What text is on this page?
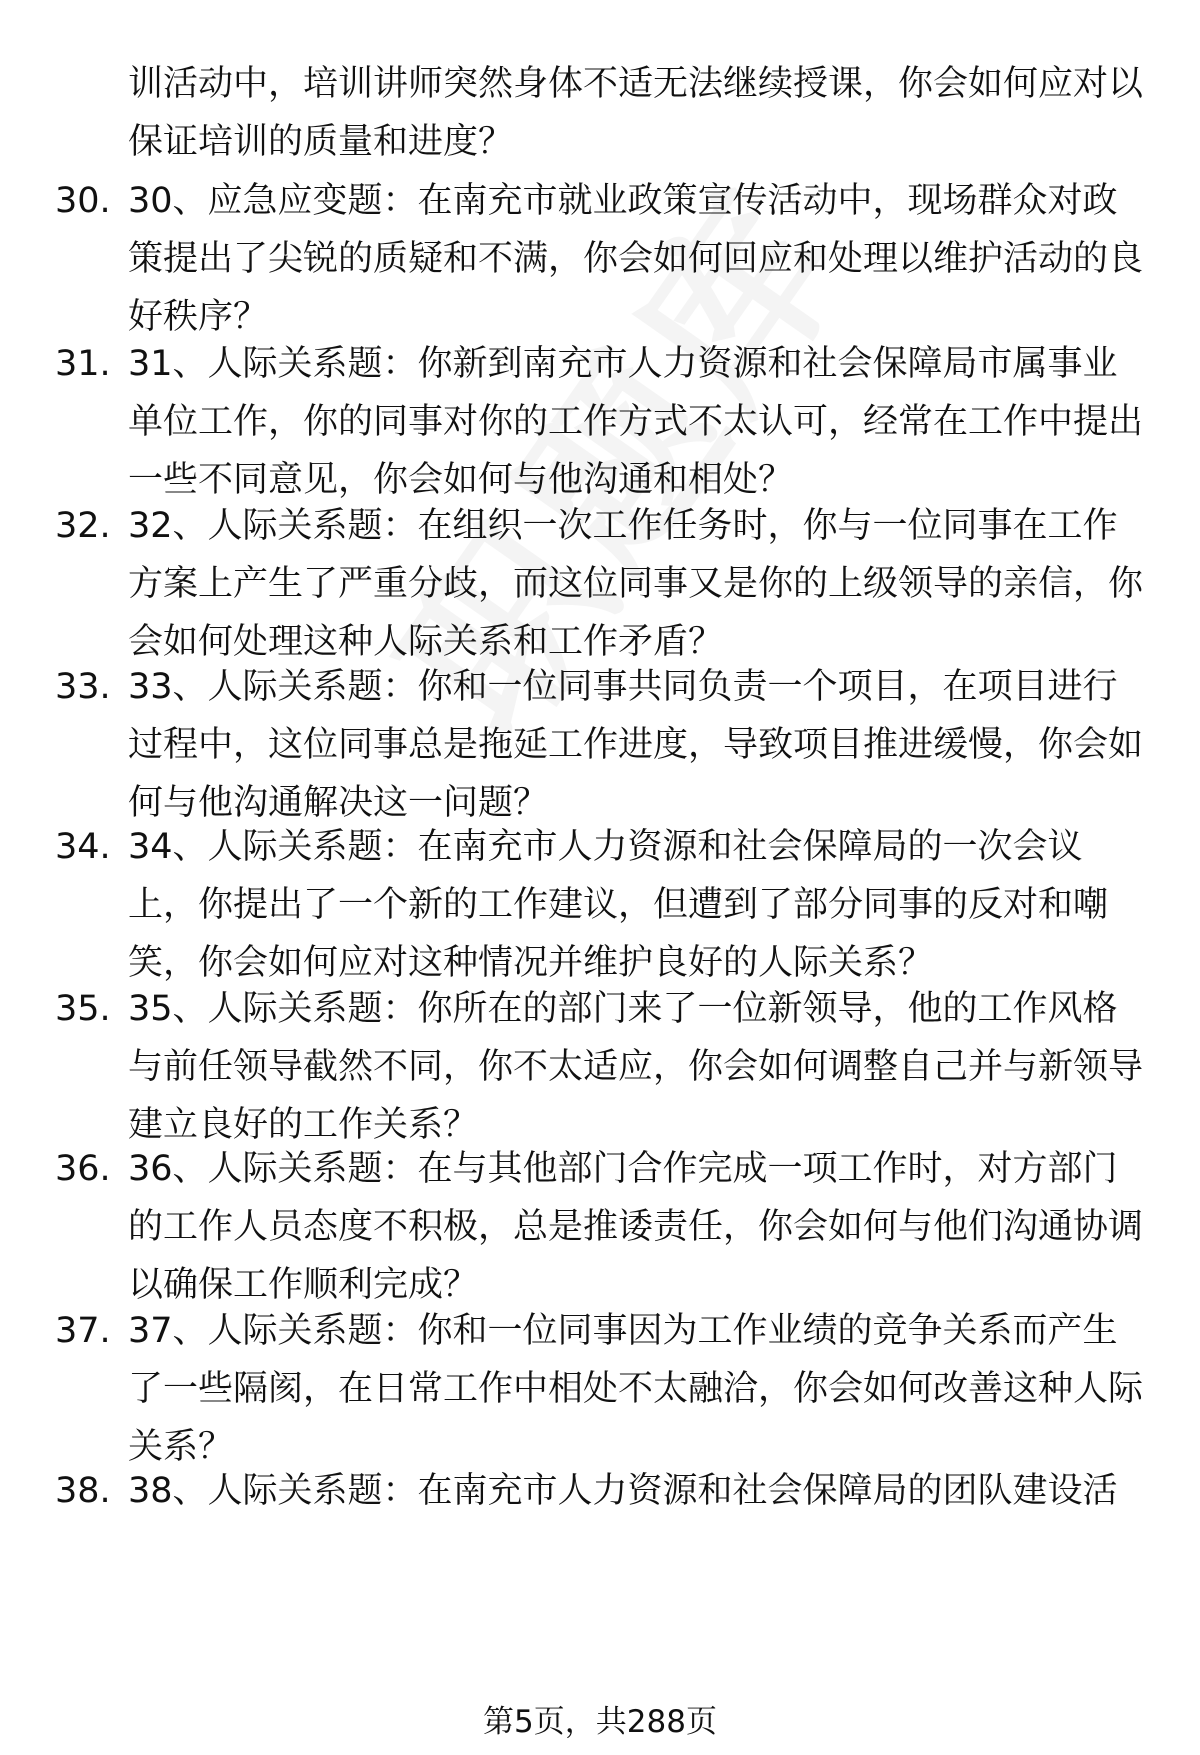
训活动中，培训讲师突然身体不适无法继续授课，你会如何应对以保证培训的质量和进度？
30. 30、应急应变题：在南充市就业政策宣传活动中，现场群众对政策提出了尖锐的质疑和不满，你会如何回应和处理以维护活动的良好秩序？
31. 31、人际关系题：你新到南充市人力资源和社会保障局市属事业单位工作，你的同事对你的工作方式不太认可，经常在工作中提出一些不同意见，你会如何与他沟通和相处？
32. 32、人际关系题：在组织一次工作任务时，你与一位同事在工作方案上产生了严重分歧，而这位同事又是你的上级领导的亲信，你会如何处理这种人际关系和工作矛盾？
33. 33、人际关系题：你和一位同事共同负责一个项目，在项目进行过程中，这位同事总是拖延工作进度，导致项目推进缓慢，你会如何与他沟通解决这一问题？
34. 34、人际关系题：在南充市人力资源和社会保障局的一次会议上，你提出了一个新的工作建议，但遭到了部分同事的反对和嘲笑，你会如何应对这种情况并维护良好的人际关系？
35. 35、人际关系题：你所在的部门来了一位新领导，他的工作风格与前任领导截然不同，你不太适应，你会如何调整自己并与新领导建立良好的工作关系？
36. 36、人际关系题：在与其他部门合作完成一项工作时，对方部门的工作人员态度不积极，总是推诿责任，你会如何与他们沟通协调以确保工作顺利完成？
37. 37、人际关系题：你和一位同事因为工作业绩的竞争关系而产生了一些隔阂，在日常工作中相处不太融洽，你会如何改善这种人际关系？
38. 38、人际关系题：在南充市人力资源和社会保障局的团队建设活
第5页，共288页
